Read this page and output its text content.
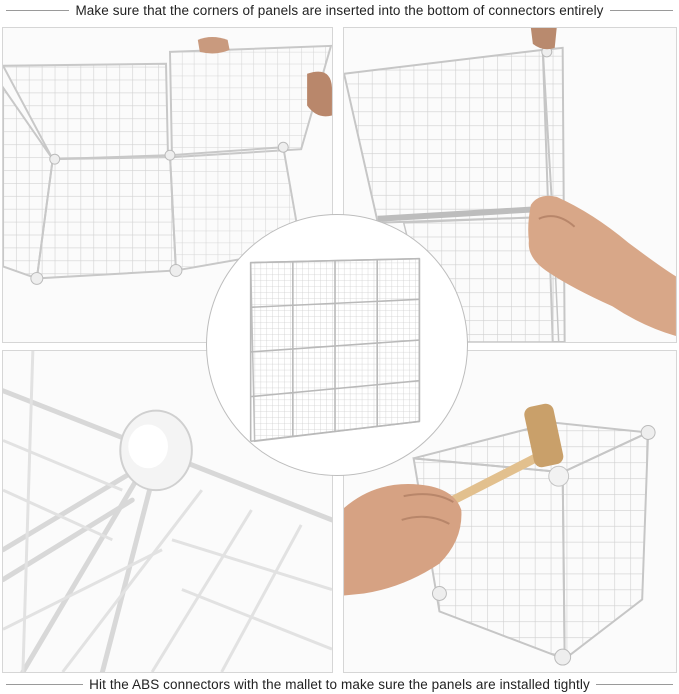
Make sure that the corners of panels are inserted into the bottom of connectors entirely
Hit the ABS connectors with the mallet to make sure the panels are installed tightly
